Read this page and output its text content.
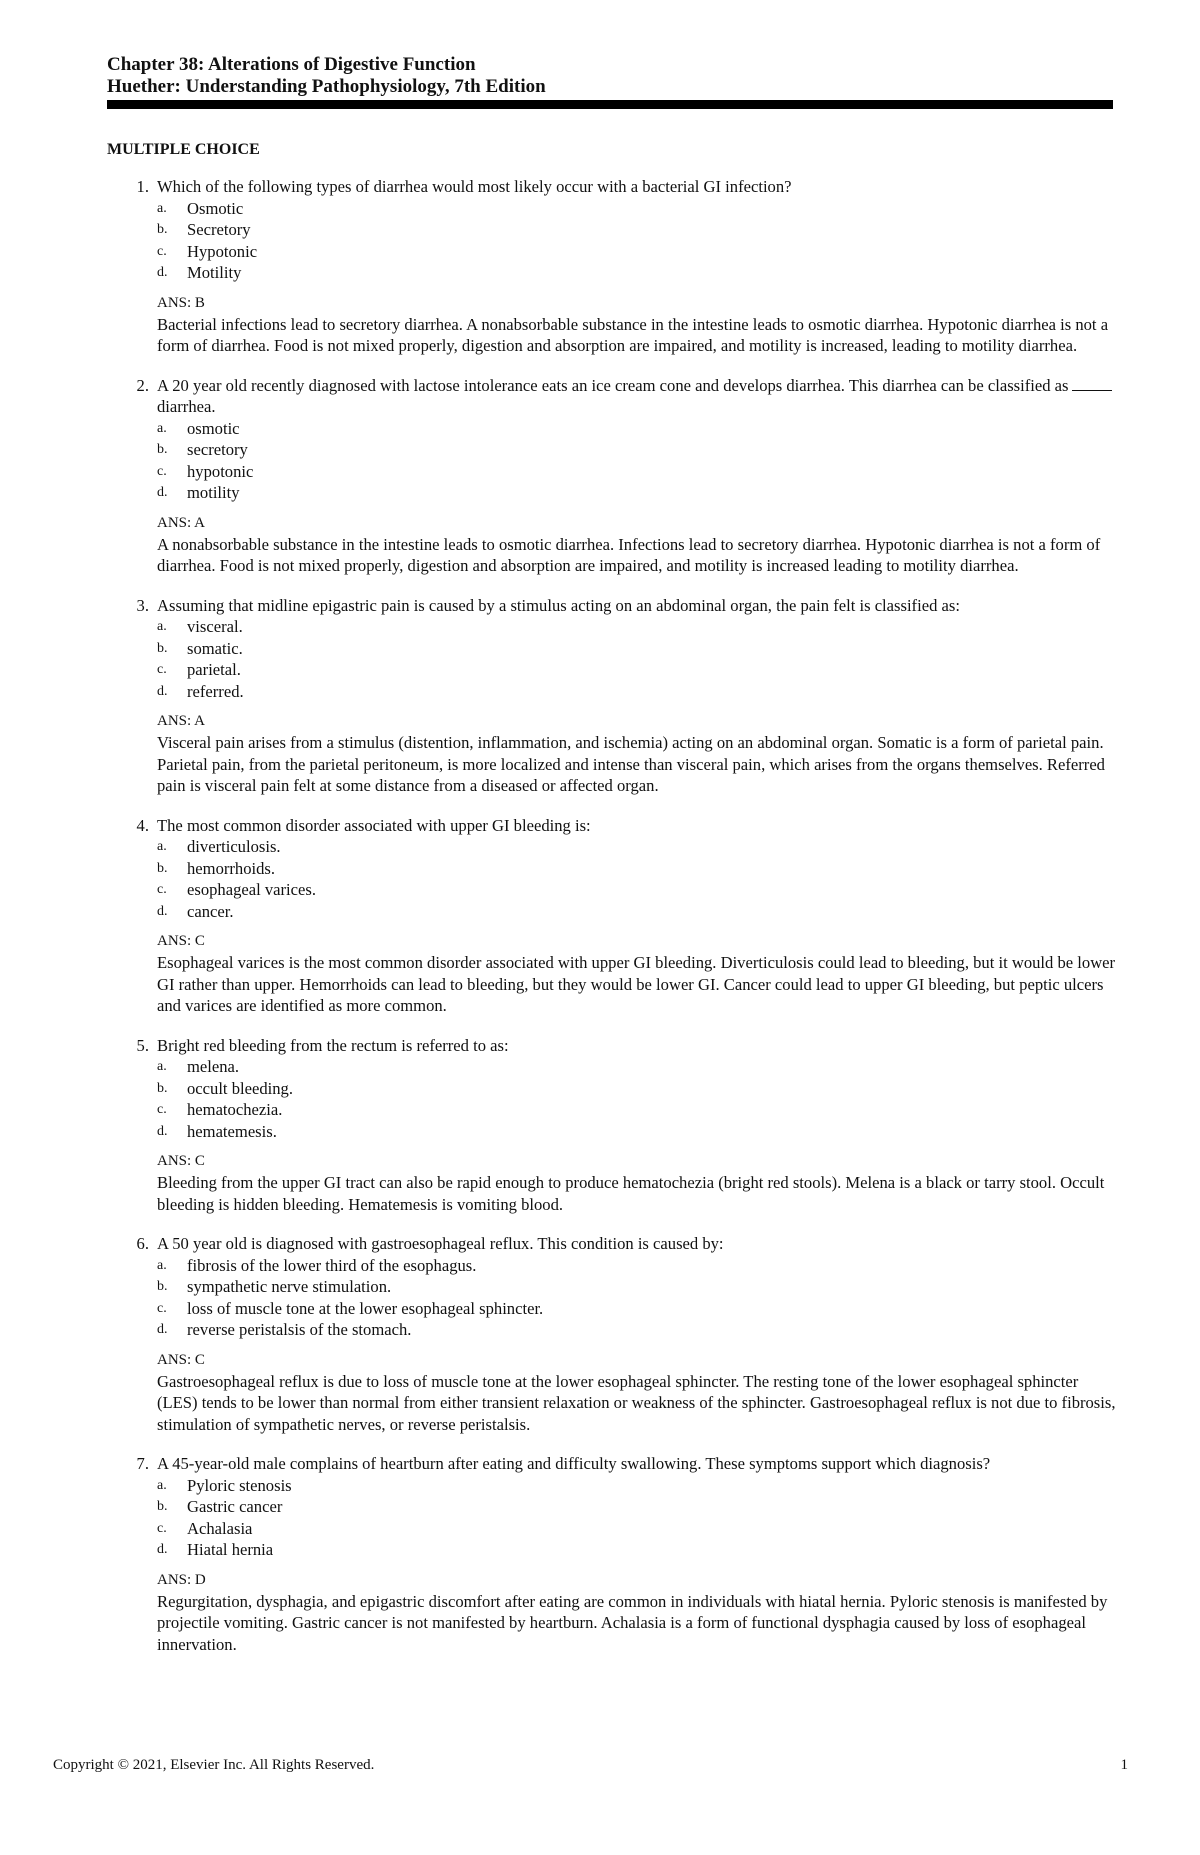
Chapter 38: Alterations of Digestive Function
Huether: Understanding Pathophysiology, 7th Edition
MULTIPLE CHOICE
1. Which of the following types of diarrhea would most likely occur with a bacterial GI infection?
a.	Osmotic
b.	Secretory
c.	Hypotonic
d.	Motility
ANS: B
Bacterial infections lead to secretory diarrhea. A nonabsorbable substance in the intestine leads to osmotic diarrhea. Hypotonic diarrhea is not a form of diarrhea. Food is not mixed properly, digestion and absorption are impaired, and motility is increased, leading to motility diarrhea.
2. A 20 year old recently diagnosed with lactose intolerance eats an ice cream cone and develops diarrhea. This diarrhea can be classified asdiarrhea.
a.	osmotic
b.	secretory
c.	hypotonic
d.	motility
ANS: A
A nonabsorbable substance in the intestine leads to osmotic diarrhea. Infections lead to secretory diarrhea. Hypotonic diarrhea is not a form of diarrhea. Food is not mixed properly, digestion and absorption are impaired, and motility is increased leading to motility diarrhea.
3. Assuming that midline epigastric pain is caused by a stimulus acting on an abdominal organ, the pain felt is classified as:
a.	visceral.
b.	somatic.
c.	parietal.
d.	referred.
ANS: A
Visceral pain arises from a stimulus (distention, inflammation, and ischemia) acting on an abdominal organ. Somatic is a form of parietal pain. Parietal pain, from the parietal peritoneum, is more localized and intense than visceral pain, which arises from the organs themselves. Referred pain is visceral pain felt at some distance from a diseased or affected organ.
4. The most common disorder associated with upper GI bleeding is:
a.	diverticulosis.
b.	hemorrhoids.
c.	esophageal varices.
d.	cancer.
ANS: C
Esophageal varices is the most common disorder associated with upper GI bleeding. Diverticulosis could lead to bleeding, but it would be lower GI rather than upper. Hemorrhoids can lead to bleeding, but they would be lower GI. Cancer could lead to upper GI bleeding, but peptic ulcers and varices are identified as more common.
5. Bright red bleeding from the rectum is referred to as:
a.	melena.
b.	occult bleeding.
c.	hematochezia.
d.	hematemesis.
ANS: C
Bleeding from the upper GI tract can also be rapid enough to produce hematochezia (bright red stools). Melena is a black or tarry stool. Occult bleeding is hidden bleeding. Hematemesis is vomiting blood.
6. A 50 year old is diagnosed with gastroesophageal reflux. This condition is caused by:
a.	fibrosis of the lower third of the esophagus.
b.	sympathetic nerve stimulation.
c.	loss of muscle tone at the lower esophageal sphincter.
d.	reverse peristalsis of the stomach.
ANS: C
Gastroesophageal reflux is due to loss of muscle tone at the lower esophageal sphincter. The resting tone of the lower esophageal sphincter (LES) tends to be lower than normal from either transient relaxation or weakness of the sphincter. Gastroesophageal reflux is not due to fibrosis, stimulation of sympathetic nerves, or reverse peristalsis.
7. A 45-year-old male complains of heartburn after eating and difficulty swallowing. These symptoms support which diagnosis?
a.	Pyloric stenosis
b.	Gastric cancer
c.	Achalasia
d.	Hiatal hernia
ANS: D
Regurgitation, dysphagia, and epigastric discomfort after eating are common in individuals with hiatal hernia. Pyloric stenosis is manifested by projectile vomiting. Gastric cancer is not manifested by heartburn. Achalasia is a form of functional dysphagia caused by loss of esophageal innervation.
Copyright © 2021, Elsevier Inc. All Rights Reserved.	1
